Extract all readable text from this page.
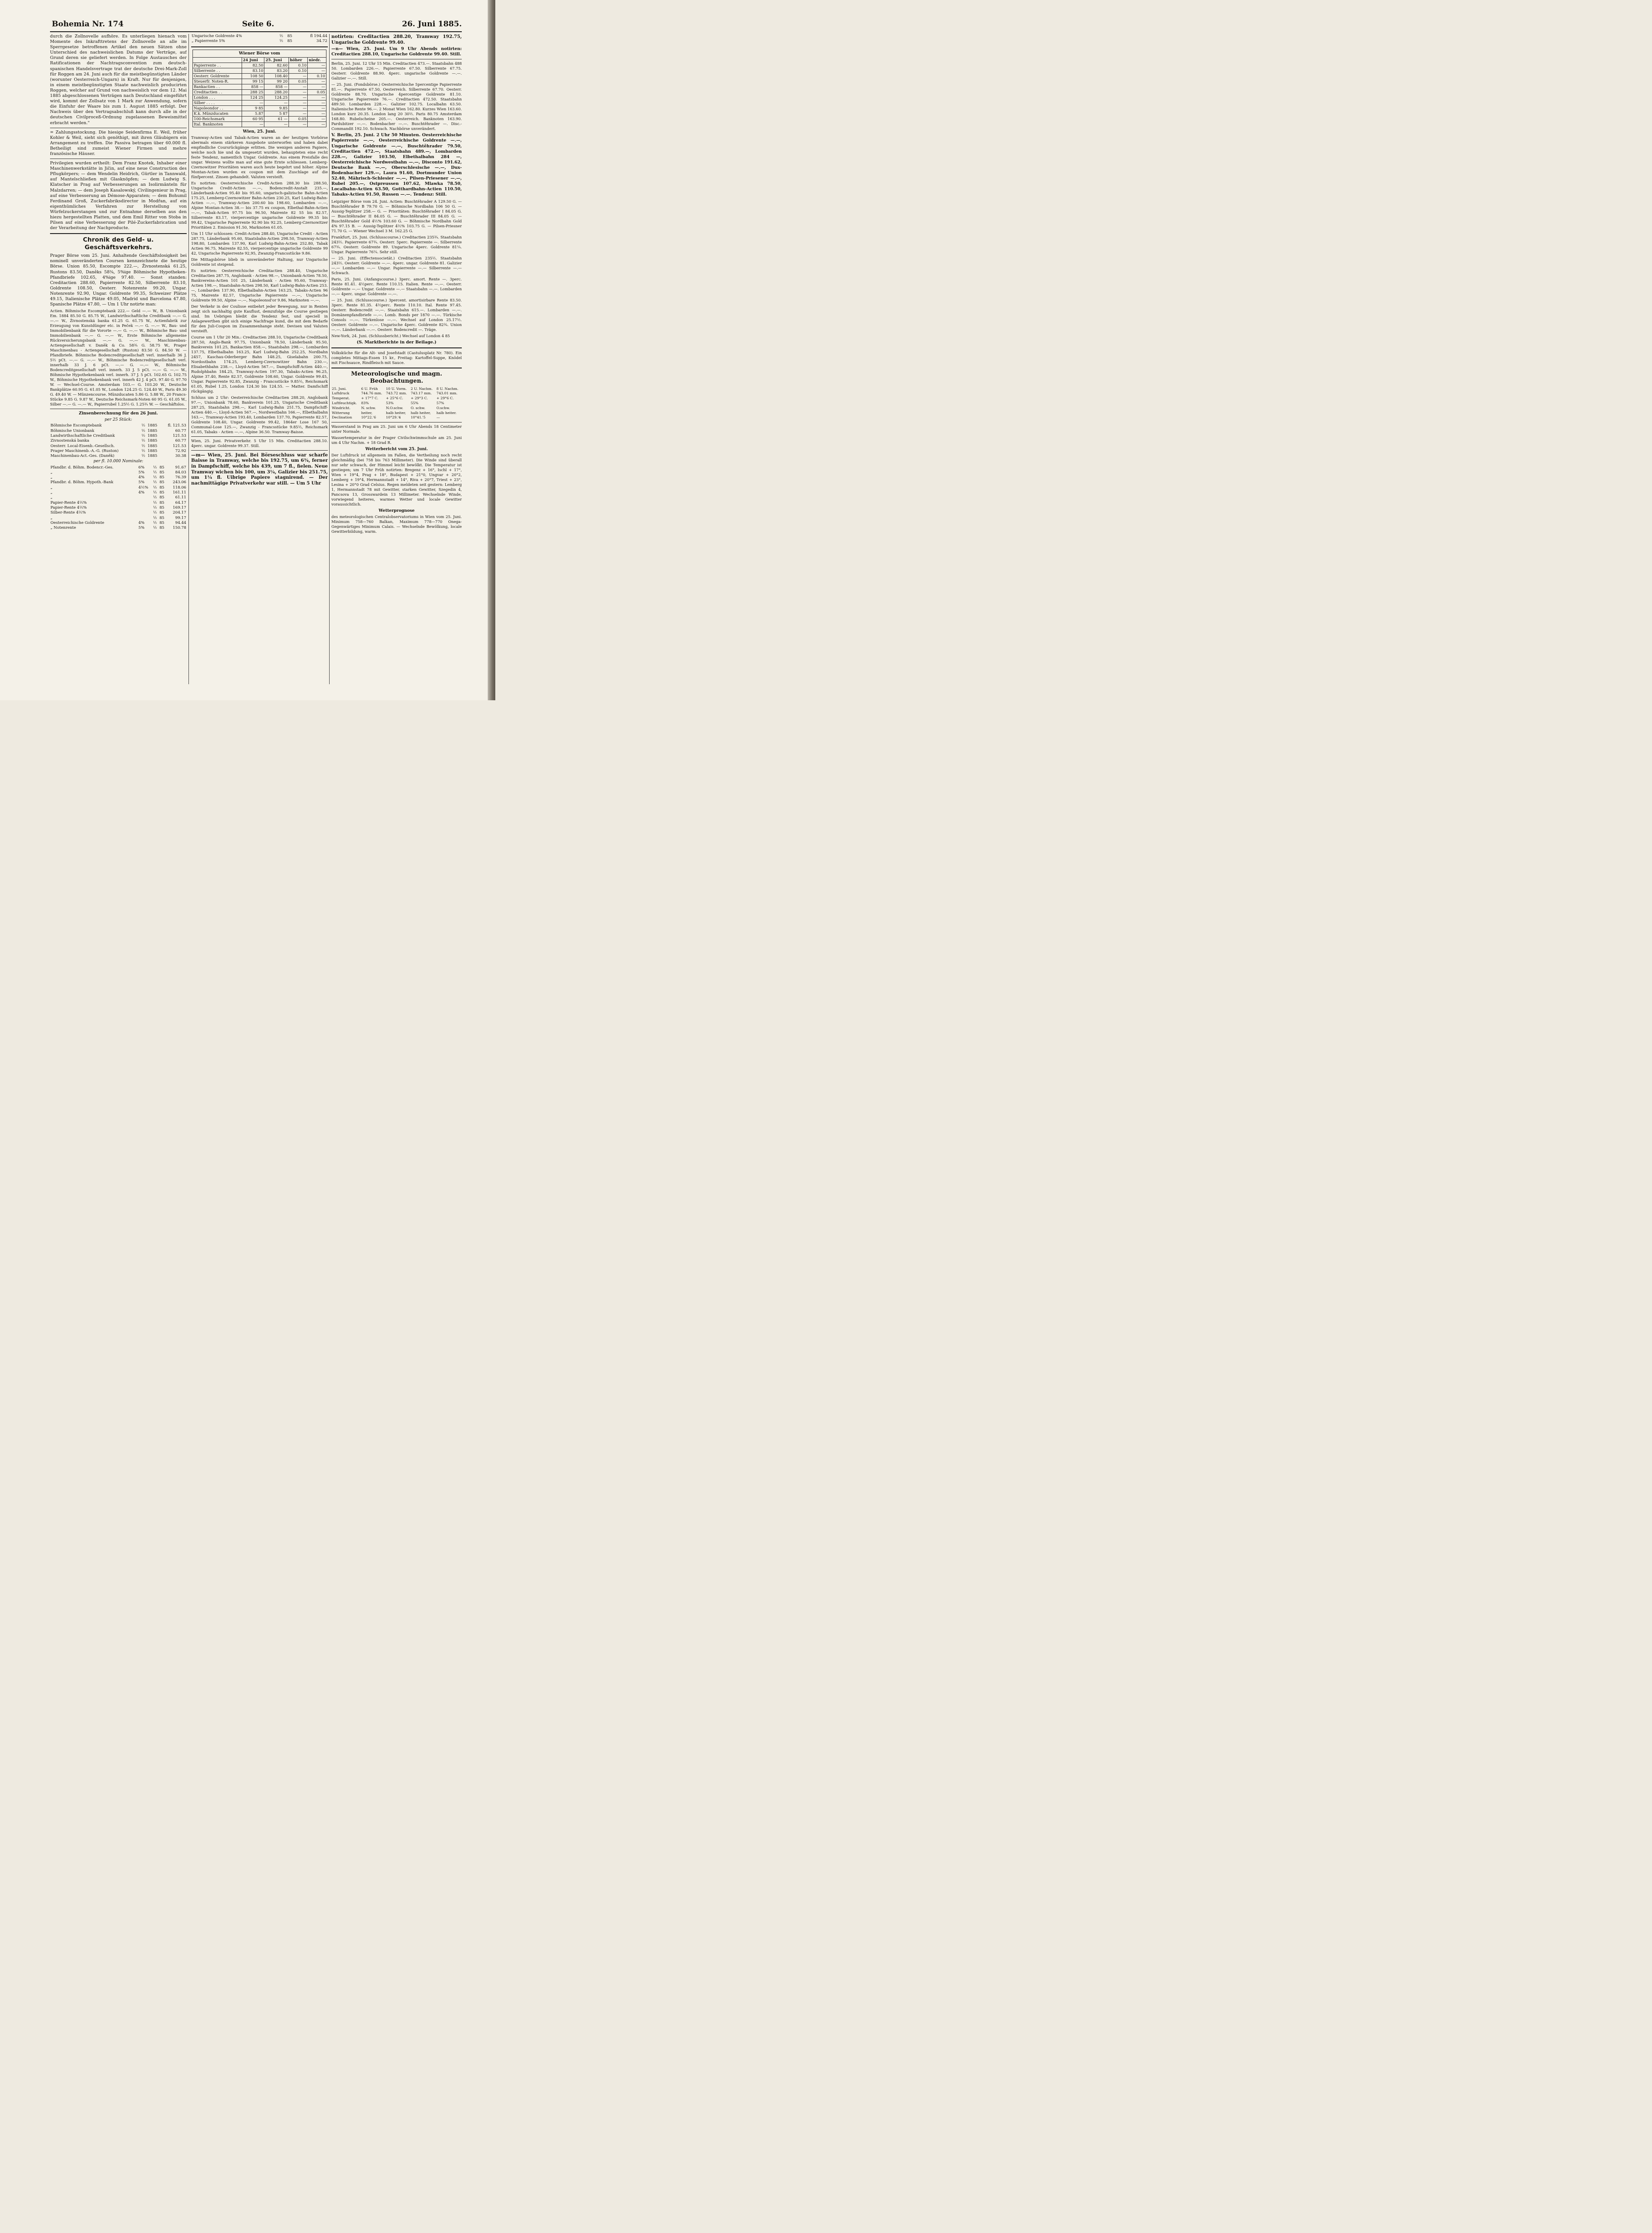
Bohemia Nr. 174	Seite 6.	26. Juni 1885.

durch die Zollnovelle aufhöre. Es unterliegen hienach vom Momente des Inkrafttretens der Zollnovelle an alle im Sperrgesetze betroffenen Artikel den neuen Sätzen ohne Unterschied des nachweislichen Datums der Verträge, auf Grund deren sie geliefert werden. In Folge Austausches der Ratificationen der Nachtragsconvention zum deutsch-spanischen Handelsvertrage trat der deutsche Drei-Mark-Zoll für Roggen am 24. Juni auch für die meistbegünstigten Länder (worunter Oesterreich-Ungarn) in Kraft. Nur für denjenigen, in einem meistbegünstigten Staate nachweislich producirten Roggen, welcher auf Grund von nachweislich vor dem 12. Mai 1885 abgeschlossenen Verträgen nach Deutschland eingeführt wird, kommt der Zollsatz von 1 Mark zur Anwendung, sofern die Einfuhr der Waare bis zum 1. August 1885 erfolgt. Der Nachweis über den Vertragsabschluß kann durch alle in der deutschen Civilproceß-Ordnung zugelassenen Beweismittel erbracht werden."

= Zahlungsstockung. Die hiesige Seidenfirma E. Weil, früher Kohler & Weil, sieht sich genöthigt, mit ihren Gläubigern ein Arrangement zu treffen. Die Passiva betragen über 60.000 fl. Betheiligt sind zumeist Wiener Firmen und mehre französische Häuser.

Privilegien wurden ertheilt: Dem Franz Knotek, Inhaber einer Maschinenwerkstätte in Jičin, auf eine neue Construction des Pflugkörpers; — dem Wendelin Heidrich, Gürtler in Tannwald, auf Mantelschließen mit Glasknöpfen; — dem Ludwig S. Klatscher in Prag auf Verbesserungen an Isolirmänteln für Malzdarren; — dem Joseph Kasalowský, Civilingenieur in Prag, auf eine Verbesserung an Démose-Apparaten; — dem Bohumil Ferdinand Groß, Zuckerfabriksdirector in Modřan, auf ein eigenthümliches Verfahren zur Herstellung von Würfelzuckerstangen und zur Entnahme derselben aus den hiezu hergestellten Platten, und dem Emil Ritter von Stoba in Pilsen auf eine Verbesserung der Pilé-Zuckerfabrication und der Verarbeitung der Nachproducte.

Chronik des Geld- u. Geschäftsverkehrs.

Prager Börse vom 25. Juni. Anhaltende Geschäftslosigkeit bei nominell unveränderten Coursen kennzeichnete die heutige Börse. Union 85.50, Escompte 222.—, Živnostenská 61.25, Rustons 83.50, Daněks 58¾, 5%ige Böhmische Hypotheken-Pfandbriefe 102.65, 4%ige 97.40. — Sonst standen: Creditactien 288.60, Papierrente 82.50, Silberrente 83.10, Goldrente 108.50, Oesterr. Notenrente 99.20, Ungar. Notenrente 92.90, Ungar. Goldrente 99.35, Schweizer Plätze 49.15, Italienische Plätze 49.05, Madrid und Barcelona 47.80, Spanische Plätze 47.80, — Um 1 Uhr notirte man:

Actien. Böhmische Escomptebank 222.— Geld —.— W., B. Unionbank Em. 1884 85.50 G. 85.75 W., Landwirthschaftliche Creditbank —.— G. —.— W., Živnostenská banka 61.25 G. 61.75 W., Actienfabrik zur Erzeugung von Kunstdünger etc. in Peček —.— G. —.— W., Bau- und Immobilienbank für die Vororte —.— G. —.— W., Böhmische Bau- und Immobilienbank —.— G. —.— W., Erste Böhmische allgemeine Rückversicherungsbank —.— G. —.— W., Maschinenbau-Actiengesellschaft v. Daněk & Co. 58¾ G. 58.75 W., Prager Maschinenbau - Actiengesellschaft (Ruston) 83.50 G. 84.50 W. — Pfandbriefe. Böhmische Bodencreditgesellschaft verl. innerhalb 36 J. 5½ pCt. —.— G. —.— W., Böhmische Bodencreditgesellschaft verl. innerhalb 33 J. 6 pCt. —.— G. —.— W., Böhmische Bodencreditgesellschaft verl. innerh. 33 J. 5 pCt. —.— G. —.— W., Böhmische Hypothekenbank verl. innerh. 37 J. 5 pCt. 102.65 G. 102.75 W., Böhmische Hypothekenbank verl. innerh 42 J. 4 pCt. 97.40 G. 97.70 W. — Wechsel-Course. Amsterdam 103.— G. 103.20 W., Deutsche Bankplätze 60.95 G. 61.05 W., London 124.25 G. 124.40 W., Paris 49.30 G. 49.40 W. — Münzencourse. Münzducaten 5.86 G. 5.88 W., 20 Francs-Stücke 9.85 G. 9.87 W., Deutsche Reichsmark-Noten 60 95 G. 61.05 W., Silber —.— G. —.— W., Papierrubel 1.25½ G. 1.25¾ W. — Geschäftslos.

Zinsenberechnung für den 26 Juni.
per 25 Stück:
Böhmische Escomptebank	½	1885	fl. 121.53
Böhmische Unionbank	½	1885	60.77
Landwirthschaftliche Creditbank	½	1885	121.53
Zivnostenská banka	½	1885	60.77
Oesterr. Local-Eisenb.-Gesellsch.	½	1885	121.53
Prager Maschinenb.-A.-G. (Ruston)	½	1885	72.92
Maschinenbau-Act.-Ges. (Daněk)	½	1885	30.38
per fl. 10.000 Nominale:
Pfandbr. d. Böhm. Bodencr.-Ges.	6%	½	85	91.67
„	5%	½	85	84.03
„	4%	½	85	76.39
Pfandbr. d. Böhm. Hypoth.-Bank	5%	½	85	243.06
„	4½%	½	85	118.06
„	4%	½	85	161.11
„		½	85	61.11
Papier-Rente 4⅕%		½	85	64.17
Papier-Rente 4⅕%		½	85	169.17
Silber-Rente 4⅕%		½	85	204.17
„		½	85	99.17
Oesterreichische Goldrente	4%	½	85	94.44
„ Notenrente	5%	½	85	150.78
Ungarische Goldrente 4%	½	85	fl 194.44
„ Papierrente 5%	½	85	34.72
Wiener Börse vom
	24 Juni	25. Juni	höher	niedr.
Papierrente . .	82.50	82.60	0.10	—
Silberrente . .	83.10	83.20	0.10	—
Oesterr. Goldrente	108 50	108.40	—	0.10
Steuerfr. Noten-R.	99 15	99 20	0.05	—
Bankactien . .	858 —	858 —	—	—
Creditactien . .	288 25	288.20	—	0.05
London . . .	124 25	124.25	—	—
Silber . . . .	—	—	—	—
Napoleondor . .	9 85	9.85	—	—
K.k. Münzducaten	5.87	5 87	—	—
100-Reichsmark	60 95	61 —	0.05	—
Ital. Banknoten	—	—	—	—
Wien, 25. Juni.

Tramway-Actien und Tabak-Actien waren an der heutigen Vorbörse abermals einem stärkeren Ausgebote unterworfen und haben dabei empfindliche Coursrückgänge erlitten. Die wenigen anderen Papiere, welche noch hie und da umgesetzt wurden, behaupteten eine recht feste Tendenz, namentlich Ungar. Goldrente. Aus einem Preisfalle des ungar. Weizens wollte man auf eine gute Ernte schliessen. Lemberg-Czernowitzer Prioritäten waren auch heute begehrt und höher. Alpine Montan-Actien wurden ex coupon mit dem Zuschlage auf die fünfpercent. Zinsen gehandelt. Valuten versteift.

Es notirten: Oesterreichische Credit-Actien 288.30 bis 288.50, Ungarische Credit-Actien —.—, Bodencredit-Anstalt 235.—, Länderbank-Actien 95.40 bis 95.60, ungarisch-galizische Bahn-Actien 175.25, Lemberg-Czernowitzer Bahn-Actien 230.25, Karl Ludwig-Bahn-Actien —.—, Tramway-Actien 200.60 bis 198.60, Lombarden —.—, Alpine Montan-Actien 38.— bis 37.75 ex coupon, Elbethal-Bahn-Actien —.—, Tabak-Actien 97.75 bis 96.50, Mairente 82 55 bis 82.57, Silberrente 83.17, vierpercentige ungarische Goldrente 99.35 bis 99.42, Ungarische Papierrente 92.90 bis 92.25, Lemberg-Czernowitzer Prioritäten 2. Emission 91.50, Marknoten 61.05.

Um 11 Uhr schlossen: Credit-Actien 288.40, Ungarische Credit - Actien 287.75, Länderbank 95.60, Staatsbahn-Actien 298.50, Tramway-Actien 198.80, Lombarden 137.90, Karl Ludwig-Bahn-Actien 252.80, Tabak Actien 96.75, Mairente 82.55, vierpercentige ungarische Goldrente 99 42, Ungarische Papierrente 92,95, Zwanzig-Francsstücke 9.86.

Die Mittagsbörse blieb in unveränderter Haltung, nur Ungarische Goldrente ist steigend.

Es notirten: Oesterreichische Creditactien 288.40, Ungarische Creditactien 287.75, Anglobank - Actien 98.—, Unionbank-Actien 78.50, Bankvereins-Actien 101 25, Länderbank - Actien 95.60, Tramway-Actien 198.—, Staatsbahn-Actien 298.50, Karl Ludwig-Bahn-Actien 253.—, Lombarden 137.90, Elbethalbahn-Actien 163.25, Tabaks-Actien 96 75, Mairente 82.57, Ungarische Papierrente —.—, Ungarische Goldrente 99.50, Alpine —.—, Napoleonsd'or 9.86, Marknoten —.—.

Der Verkehr in der Coulisse entbehrt jeder Bewegung, nur in Renten zeigt sich nachhaltig gute Kauflust, demzufolge die Course gestiegen sind. Im Uebrigen bleibt die Tendenz fest, und speciell in Anlagewerthen gibt sich einige Nachfrage kund, die mit dem Bedarfe für den Juli-Coupon im Zusammenhange steht. Devisen und Valuten versteift.

Course um 1 Uhr 20 Min.: Creditactien 288.10, Ungarische Creditbank 287.50, Anglo-Bank 97.75, Unionbank 78.50, Länderbank 95.50, Bankverein 101.25, Bankactien 858.—, Staatsbahn 298.—, Lombarden 137.75, Elbethalbahn 163.25, Karl Ludwig-Bahn 252.25, Nordbahn 2457, Kaschau-Oderberger Bahn 148.25, Giselabahn 200.75, Nordostbahn 174.25, Lemberg-Czernowitzer Bahn 230.—, Elisabethbahn 238.—, Lloyd-Actien 567.—, Dampfschiff-Actien 440.—, Rudolphbahn 184.25, Tramway-Actien 197.30, Tabaks-Actien 96.25, Alpine 37.40, Rente 82.57, Goldrente 108.60, Ungar. Goldrente 99.45, Ungar. Papierrente 92.85, Zwanzig - Francsstücke 9.85½, Reichsmark 61.05, Rubel 1.25, London 124.30 bis 124.55. — Matter. Damfschiff rückgängig.

Schluss um 2 Uhr: Oesterreichische Creditactien 288.20, Anglobank 97.—, Unionbank 78.60, Bankverein 101.25, Ungarische Creditbank 287.25, Staatsbahn 298.—, Karl Ludwig-Bahn 251.75, Dampfschiff-Actien 440.—, Lloyd-Actien 567.—, Nordwestbahn 166.—, Elbethalbahn 163.—, Tramway-Actien 193.40, Lombarden 137.70, Papierrente 82.57, Goldrente 108.40, Ungar. Goldrente 99.42, 1864er Lose 167 50, Communal-Lose 125.—, Zwanzig - Francsstücke 9.85½, Reichsmark 61.05, Tabaks - Actien —.—, Alpine 36.50. Tramway-Baisse.

Wien, 25. Juni. Privatverkehr. 5 Uhr 15 Min. Creditactien 288.10. 4perc. ungar. Goldrente 99.37. Still.

—m— Wien, 25. Juni. Bei Börseschluss war scharfe Baisse in Tramway, welche bis 192.75, um 6¾, ferner in Dampfschiff, welche bis 439, um 7 fl., fielen. Neue Tramway wichen bis 100, um 3¼, Galizier bis 251.75, um 1¼ fl. Uibrige Papiere stagnirend. — Der nachmittägige Privatverkehr war still. — Um 5 Uhr

notirten: Creditactien 288.20, Tramway 192.75, Ungarische Goldrente 99.40.

—n— Wien, 25. Juni. Um 9 Uhr Abends notirten: Creditactien 288.10, Ungarische Goldrente 99.40. Still.

Berlin, 25. Juni. 12 Uhr 15 Min. Creditactien 473.—. Staatsbahn 488 50. Lombarden 226.—. Papierrente 67.50. Silberrente 67.75. Oesterr. Goldrente 88.90. 4perc. ungarische Goldrente —.—. Galizier —.—. Still.

— 25. Juni. (Fondsbörse.) Oesterreichische 5percentige Papierrente 81.—. Papierrente 67.50, Oesterreich. Silberrente 67.70. Oesterr. Goldrente 88.70. Ungarische 4percentige Goldrente 81.10. Ungarische Papierrente 76.—. Creditactien 472.50. Staatsbahn 489.50. Lombarden 228.—. Galizier 102.75. Localbahn 63.50. Italienische Rente 96.—. 2 Monat Wien 162.80. Kurzes Wien 163.60. London kurz 20.35. London lang 20 30½. Paris 80.75 Amsterdam 168.80. Rubelscheine 205.—. Oesterreich. Banknoten 163.90. Pardubitzer —.—. Bodenbacher —.—. Buschtěhrader —. Disc.-Commandit 192.10. Schwach. Nachbörse unverändert.

V. Berlin, 25. Juni. 2 Uhr 50 Minuten. Oesterreichische Papierrente —.—, Oesterreichische Goldrente —.—, Ungarische Goldrente —.—, Buschtěhrader 79.50, Creditactien 472.—, Staatsbahn 489.—, Lombarden 228.—, Galizier 103.50, Elbethalbahn 284 —, Oesterreichische Nordwestbahn —.—, Disconto 191.62, Deutsche Bank —.—, Oberschlesische —.—, Dux-Bodenbacher 129.—, Laura 91.60, Dortmunder Union 52.40, Mährisch-Schlesier —.—, Pilsen-Priesener —.—, Rubel 205.—, Ostpreussen 107.62, Mlawka 78.50, Localbahn-Actien 63.50, Gotthardbahn-Actien 110.50, Tabaks-Actien 91.50, Russen —.—. Tendenz: Still.

Leipziger Börse vom 24. Juni. Actien: Buschtěhrader A 129.50 G. — Buschtěhrader B 79.70 G. — Böhmische Nordbahn 106 50 G. — Aussig-Teplitzer 258.— G. — Prioritäten: Buschtěhrader I 84.05 G. — Buschtěhrader II 84.05 G. — Buschtěhrader III 84.05 G. — Buschtěhrader Gold 4½% 103.60 G. — Böhmische Nordbahn Gold 4% 97.15 B. — Aussig-Teplitzer 4½% 103.75 G. — Pilsen-Priesner 71.70 G. — Wiener Wechsel 3 M. 162.25 G.

Frankfurt, 25. Juni. (Schlusscourse.) Creditactien 235¾. Staatsbahn 243½. Papierrente 67¾. Oesterr. 5perc. Papierrente —. Silberrente 67¾. Oesterr. Goldrente 89. Ungarische 4perc. Goldrente 81¼. Ungar. Papierrente 76¼. Sehr still.

— 25. Juni. (Effectensocietät.) Creditactien 235½. Staatsbahn 243½. Oesterr. Goldrente —.—. 4perc. ungar. Goldrente 81. Galizier —.— Lombarden —.— Ungar. Papierrente —.— Silberrente —.— Schwach.

Paris, 25. Juni. (Anfangscourse.) 3perc. amort. Rente —. 3perc. Rente 81.41. 4½perc. Rente 110.15. Italien. Rente —.—. Oesterr. Goldrente —.— Ungar. Goldrente —.— Staatsbahn —.—. Lombarden —.— 4perc. ungar. Goldrente —.—.

— 25. Juni. (Schlusscourse.) 3percent. amortisirbare Rente 83.50. 3perc. Rente 81.35. 4½perc. Rente 110.10. Ital. Rente 97.45. Oesterr. Bodencredit —.—. Staatsbahn 615.—. Lombarden —.—. Domänenpfandbriefe —.—. Lomb. Bonds per 1870 —.—. Türkische Consols —.—. Türkenlose —.—. Wechsel auf London 25.17½. Oesterr. Goldrente —.—. Ungarische 4perc. Goldrente 82¾. Union —.—. Länderbank —.—. Oesterr. Bodencredit —. Träge.

New-York, 24. Juni. (Schlussbericht.) Wechsel auf London 4 85

(S. Marktberichte in der Beilage.)

Volksküche für die Alt- und Josefstadt (Castulusplatz Nr. 780). Ein completes Mittags-Essen 15 kr., Freitag: Kartoffel-Suppe, Knödel mit Fischsauce, Rindfleisch mit Sauce.

Meteorologische und magn. Beobachtungen.
25. Juni.	6 U. Früh	10 U. Vorm.	2 U. Nachm.	8 U. Nachm.
Luftdruck	744.76 mm.	743.72 mm.	743.17 mm.	743.01 mm.
Temperat.	+ 17°7 C.	+ 25°6 C.	+ 29°3 C.	+ 29°6 C.
Luftfeuchtigk.	83%	53%	55%	57%
Windricht.	N. schw.	N.O.schw.	O. schw.	O.schw.
Witterung	heiter,	halb heiter,	halb heiter,	halb heiter.
Declination	10°22.'6	10°29.'4	10°41.'5	—

Wasserstand in Prag am 25. Juni um 6 Uhr Abends 18 Centimeter unter Normale.

Wassertemperatur in der Prager Civilschwimmschule am 25. Juni um 4 Uhr Nachm. + 18 Grad R.

Wetterbericht vom 25. Juni.

Der Luftdruck ist allgemein im Fallen, die Vertheilung noch recht gleichmäßig (bei 758 bis 763 Millimeter). Die Winde sind überall nur sehr schwach, der Himmel leicht bewölkt. Die Temperatur ist gestiegen; um 7 Uhr Früh notirten: Bregenz + 16°, Ischl + 17°, Wien + 19°4, Prag + 18°, Budapest + 21°0, Ungvar + 20°2, Lemberg + 19°4, Hermannstadt + 14°, Riva + 20°7, Triest + 23°, Lesina + 20°0 Grad Celsius. Regen meldeten seit gestern: Lemberg 1, Hermannstadt 78 mit Gewitter, starken Gewitter, Szegedin 4, Pancsova 13, Grosswardein 13 Millimeter. Wechselnde Winde, vorwiegend heiteres, warmes Wetter und locale Gewitter voraussichtlich.

Wetterprognose

des meteorologischen Centralobservatoriums in Wien vom 25. Juni. Minimum 758—760 Balkan, Maximum 778—770 Onega-Gegenwärtiges Minimum Calais. — Wechselnde Bewölkung, locale Gewitterbildung, warm.
